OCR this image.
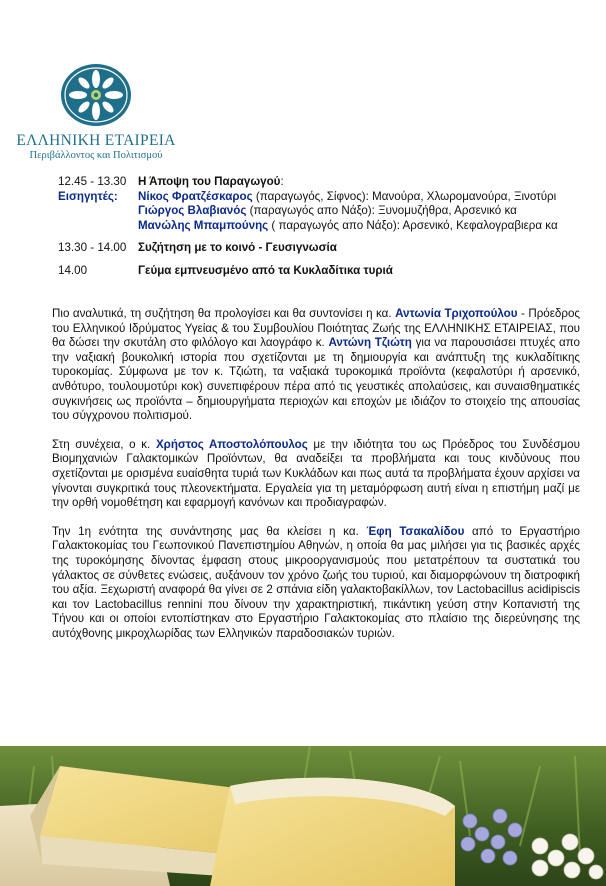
ΕΛΛΗΝΙΚΗ ΕΤΑΙΡΕΙΑ
Περιβάλλοντος και Πολιτισμού
12.45 - 13.30	Η Άποψη του Παραγωγού:
Εισηγητές:	Νίκος Φρατζέσκαρος (παραγωγός, Σίφνος): Μανούρα, Χλωρομανούρα, Ξινοτύρι
Γιώργος Βλαβιανός (παραγωγός απο Νάξο): Ξυνομυζήθρα, Αρσενικό κα
Μανώλης Μπαμπούνης ( παραγωγός απο Νάξο): Αρσενικό, Κεφαλογραβιερα κα
13.30 - 14.00	Συζήτηση με το κοινό - Γευσιγνωσία
14.00	Γεύμα εμπνευσμένο από τα Κυκλαδίτικα τυριά

Πιο αναλυτικά, τη συζήτηση θα προλογίσει και θα συντονίσει η κα. Αντωνία Τριχοπούλου - Πρόεδρος του Ελληνικού Ιδρύματος Υγείας & του Συμβουλίου Ποιότητας Ζωής της ΕΛΛΗΝΙΚΗΣ ΕΤΑΙΡΕΙΑΣ, που θα δώσει την σκυτάλη στο φιλόλογο και λαογράφο κ. Αντώνη Τζιώτη για να παρουσιάσει πτυχές απο την ναξιακή βουκολική ιστορία που σχετίζονται με τη δημιουργία και ανάπτυξη της κυκλαδίτικης τυροκομίας. Σύμφωνα με τον κ. Τζιώτη, τα ναξιακά τυροκομικά προϊόντα (κεφαλοτύρι ή αρσενικό, ανθότυρο, τουλουμοτύρι κοκ) συνεπιφέρουν πέρα από τις γευστικές απολαύσεις, και συναισθηματικές συγκινήσεις ως προϊόντα – δημιουργήματα περιοχών και εποχών με ιδιάζον το στοιχείο της απουσίας του σύγχρονου πολιτισμού.

Στη συνέχεια, ο κ. Χρήστος Αποστολόπουλος με την ιδιότητα του ως Πρόεδρος του Συνδέσμου Βιομηχανιών Γαλακτομικών Προϊόντων, θα αναδείξει τα προβλήματα και τους κινδύνους που σχετίζονται με ορισμένα ευαίσθητα τυριά των Κυκλάδων και πως αυτά τα προβλήματα έχουν αρχίσει να γίνονται συγκριτικά τους πλεονεκτήματα. Εργαλεία για τη μεταμόρφωση αυτή είναι η επιστήμη μαζί με την ορθή νομοθέτηση και εφαρμογή κανόνων και προδιαγραφών.

Την 1η ενότητα της συνάντησης μας θα κλείσει η κα. Έφη Τσακαλίδου από το Εργαστήριο Γαλακτοκομίας του Γεωπονικού Πανεπιστημίου Αθηνών, η οποία θα μας μιλήσει για τις βασικές αρχές της τυροκόμησης δίνοντας έμφαση στους μικροοργανισμούς που μετατρέπουν τα συστατικά του γάλακτος σε σύνθετες ενώσεις, αυξάνουν τον χρόνο ζωής του τυριού, και διαμορφώνουν τη διατροφική του αξία. Ξεχωριστή αναφορά θα γίνει σε 2 σπάνια είδη γαλακτοβακίλλων, τον Lactobacillus acidipiscis και τον Lactobacillus rennini που δίνουν την χαρακτηριστική, πικάντικη γεύση στην Κοπανιστή της Τήνου και οι οποίοι εντοπίστηκαν στο Εργαστήριο Γαλακτοκομίας στο πλαίσιο της διερεύνησης της αυτόχθονης μικροχλωρίδας των Ελληνικών παραδοσιακών τυριών.
